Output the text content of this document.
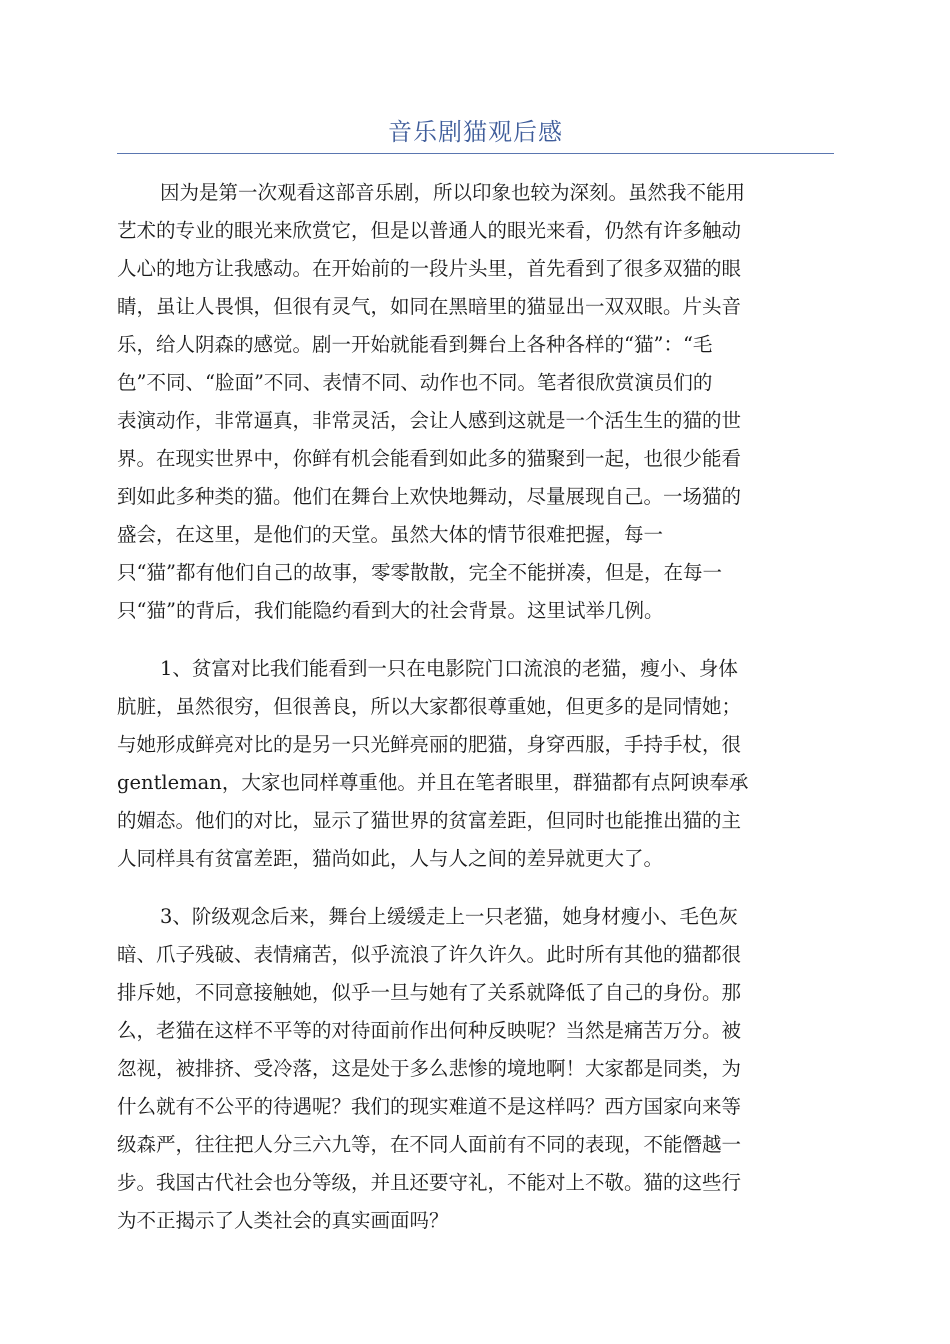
音乐剧猫观后感
因为是第一次观看这部音乐剧，所以印象也较为深刻。虽然我不能用
艺术的专业的眼光来欣赏它，但是以普通人的眼光来看，仍然有许多触动
人心的地方让我感动。在开始前的一段片头里，首先看到了很多双猫的眼
睛，虽让人畏惧，但很有灵气，如同在黑暗里的猫显出一双双眼。片头音
乐，给人阴森的感觉。剧一开始就能看到舞台上各种各样的“猫”：“毛
色”不同、“脸面”不同、表情不同、动作也不同。笔者很欣赏演员们的
表演动作，非常逼真，非常灵活，会让人感到这就是一个活生生的猫的世
界。在现实世界中，你鲜有机会能看到如此多的猫聚到一起，也很少能看
到如此多种类的猫。他们在舞台上欢快地舞动，尽量展现自己。一场猫的
盛会，在这里，是他们的天堂。虽然大体的情节很难把握，每一
只“猫”都有他们自己的故事，零零散散，完全不能拼凑，但是，在每一
只“猫”的背后，我们能隐约看到大的社会背景。这里试举几例。
1、贫富对比我们能看到一只在电影院门口流浪的老猫，瘦小、身体
肮脏，虽然很穷，但很善良，所以大家都很尊重她，但更多的是同情她；
与她形成鲜亮对比的是另一只光鲜亮丽的肥猫，身穿西服，手持手杖，很
gentleman，大家也同样尊重他。并且在笔者眼里，群猫都有点阿谀奉承
的媚态。他们的对比，显示了猫世界的贫富差距，但同时也能推出猫的主
人同样具有贫富差距，猫尚如此，人与人之间的差异就更大了。
3、阶级观念后来，舞台上缓缓走上一只老猫，她身材瘦小、毛色灰
暗、爪子残破、表情痛苦，似乎流浪了许久许久。此时所有其他的猫都很
排斥她，不同意接触她，似乎一旦与她有了关系就降低了自己的身份。那
么，老猫在这样不平等的对待面前作出何种反映呢？当然是痛苦万分。被
忽视，被排挤、受冷落，这是处于多么悲惨的境地啊！大家都是同类，为
什么就有不公平的待遇呢？我们的现实难道不是这样吗？西方国家向来等
级森严，往往把人分三六九等，在不同人面前有不同的表现，不能僭越一
步。我国古代社会也分等级，并且还要守礼，不能对上不敬。猫的这些行
为不正揭示了人类社会的真实画面吗？
